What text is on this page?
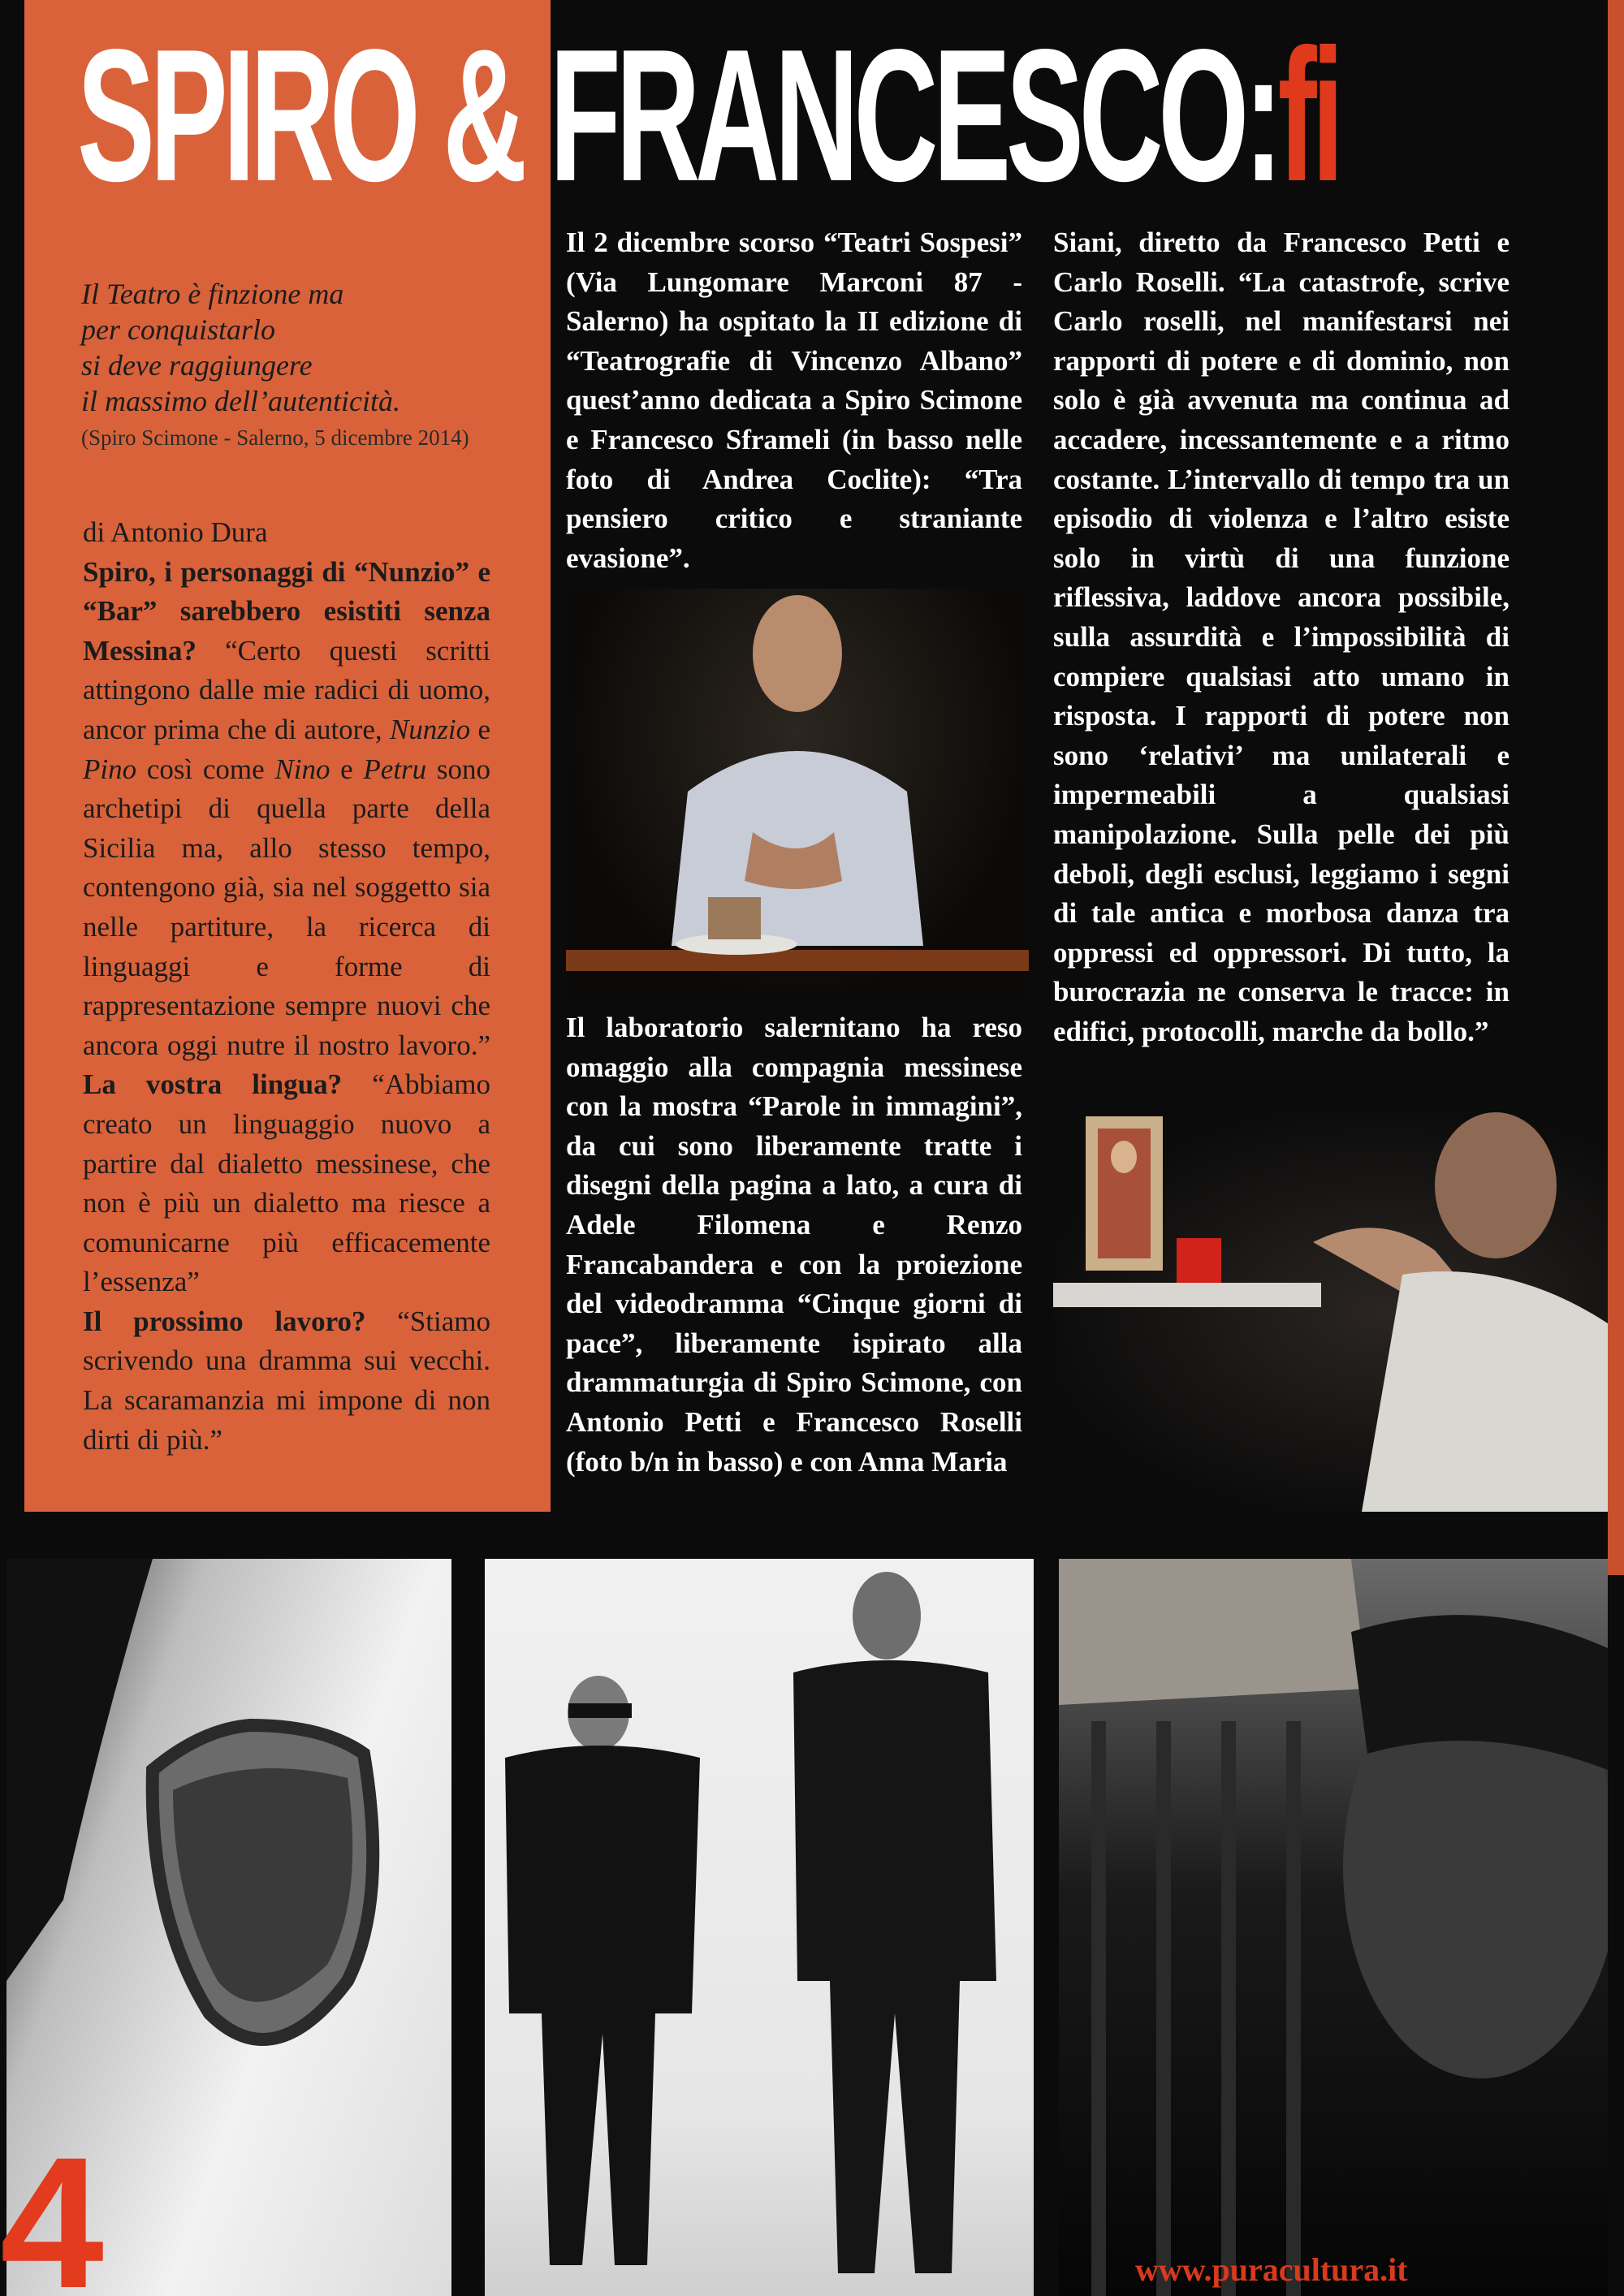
SPIRO & FRANCESCO:fi
Il Teatro è finzione ma
per conquistarlo
si deve raggiungere
il massimo dell’autenticità.
(Spiro Scimone - Salerno, 5 dicembre 2014)
di Antonio Dura
Spiro, i personaggi di “Nunzio” e “Bar” sarebbero esistiti senza Messina? “Certo questi scritti attingono dalle mie radici di uomo, ancor prima che di autore, Nunzio e Pino così come Nino e Petru sono archetipi di quella parte della Sicilia ma, allo stesso tempo, contengono già, sia nel soggetto sia nelle partiture, la ricerca di linguaggi e forme di rappresentazione sempre nuovi che ancora oggi nutre il nostro lavoro.” La vostra lingua? “Abbiamo creato un linguaggio nuovo a partire dal dialetto messinese, che non è più un dialetto ma riesce a comunicarne più efficacemente l’essenza”
Il prossimo lavoro? “Stiamo scrivendo una dramma sui vecchi. La scaramanzia mi impone di non dirti di più.”
Il 2 dicembre scorso “Teatri Sospesi” (Via Lungomare Marconi 87 - Salerno) ha ospitato la II edizione di “Teatrografie di Vincenzo Albano” quest’anno dedicata a Spiro Scimone e Francesco Sframeli (in basso nelle foto di Andrea Coclite): “Tra pensiero critico e straniante evasione”.
Il laboratorio salernitano ha reso omaggio alla compagnia messinese con la mostra “Parole in immagini”, da cui sono liberamente tratte i disegni della pagina a lato, a cura di Adele Filomena e Renzo Francabandera e con la proiezione del videodramma “Cinque giorni di pace”, liberamente ispirato alla drammaturgia di Spiro Scimone, con Antonio Petti e Francesco Roselli (foto b/n in basso) e con Anna Maria
Siani, diretto da Francesco Petti e Carlo Roselli. “La catastrofe, scrive Carlo roselli, nel manifestarsi nei rapporti di potere e di dominio, non solo è già avvenuta ma continua ad accadere, incessantemente e a ritmo costante. L’intervallo di tempo tra un episodio di violenza e l’altro esiste solo in virtù di una funzione riflessiva, laddove ancora possibile, sulla assurdità e l’impossibilità di compiere qualsiasi atto umano in risposta. I rapporti di potere non sono ‘relativi’ ma unilaterali e impermeabili a qualsiasi manipolazione. Sulla pelle dei più deboli, degli esclusi, leggiamo i segni di tale antica e morbosa danza tra oppressi ed oppressori. Di tutto, la burocrazia ne conserva le tracce: in edifici, protocolli, marche da bollo.”
4	www.puracultura.it
